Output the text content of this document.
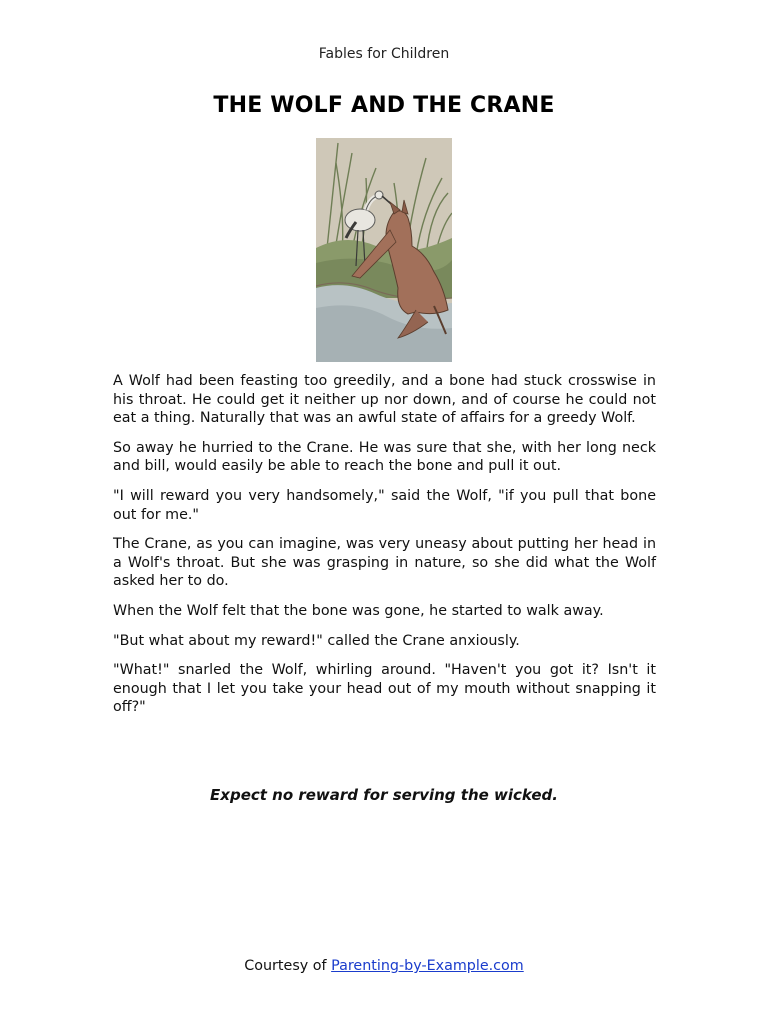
Fables for Children
THE WOLF AND THE CRANE

A Wolf had been feasting too greedily, and a bone had stuck crosswise in his throat. He could get it neither up nor down, and of course he could not eat a thing. Naturally that was an awful state of affairs for a greedy Wolf.

So away he hurried to the Crane. He was sure that she, with her long neck and bill, would easily be able to reach the bone and pull it out.

"I will reward you very handsomely," said the Wolf, "if you pull that bone out for me."

The Crane, as you can imagine, was very uneasy about putting her head in a Wolf's throat. But she was grasping in nature, so she did what the Wolf asked her to do.

When the Wolf felt that the bone was gone, he started to walk away.

"But what about my reward!" called the Crane anxiously.

"What!" snarled the Wolf, whirling around. "Haven't you got it? Isn't it enough that I let you take your head out of my mouth without snapping it off?"

Expect no reward for serving the wicked.
Courtesy of Parenting-by-Example.com
